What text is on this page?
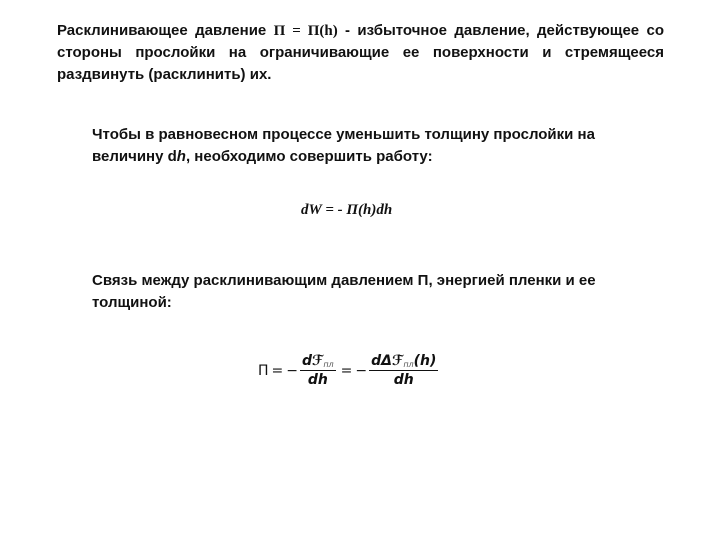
Расклинивающее давление П = П(h) - избыточное давление, действующее со стороны прослойки на ограничивающие ее поверхности и стремящееся раздвинуть (расклинить) их.

Чтобы в равновесном процессе уменьшить толщину прослойки на величину dh, необходимо совершить работу:

dW = - П(h)dh

Связь между расклинивающим давлением П, энергией пленки и ее толщиной:

П = − $\frac{dℱ_{пл}}{dh}$ = − $\frac{d\Delta ℱ_{пл}(h)}{dh}$
